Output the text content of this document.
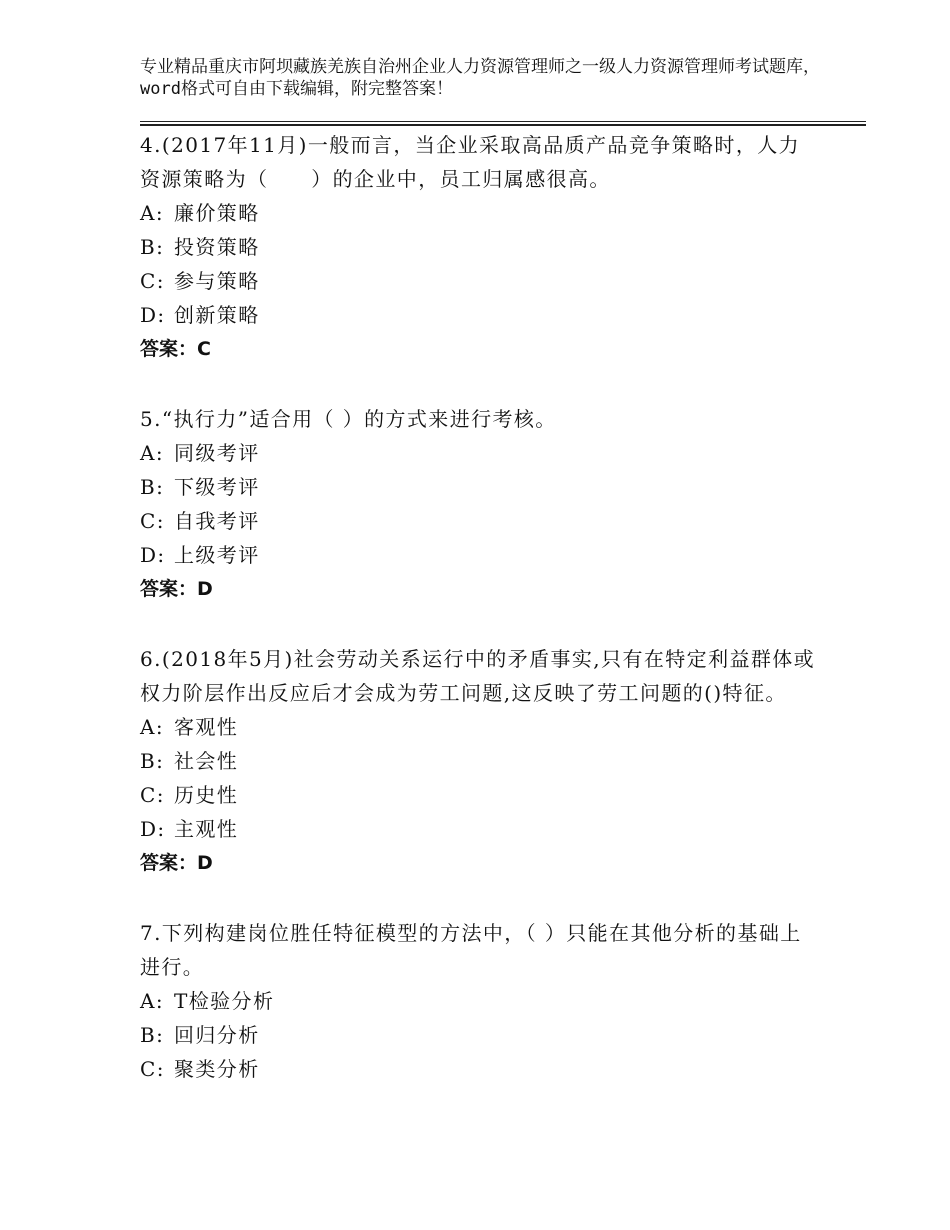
专业精品重庆市阿坝藏族羌族自治州企业人力资源管理师之一级人力资源管理师考试题库，word格式可自由下载编辑，附完整答案！

4.(2017年11月)一般而言，当企业采取高品质产品竞争策略时，人力资源策略为（　　）的企业中，员工归属感很高。

A: 廉价策略
B: 投资策略
C: 参与策略
D: 创新策略

答案：C

5.“执行力”适合用（ ）的方式来进行考核。

A: 同级考评
B: 下级考评
C: 自我考评
D: 上级考评

答案：D

6.(2018年5月)社会劳动关系运行中的矛盾事实,只有在特定利益群体或权力阶层作出反应后才会成为劳工问题,这反映了劳工问题的()特征。

A: 客观性
B: 社会性
C: 历史性
D: 主观性

答案：D

7.下列构建岗位胜任特征模型的方法中，（ ）只能在其他分析的基础上进行。

A: T检验分析
B: 回归分析
C: 聚类分析
